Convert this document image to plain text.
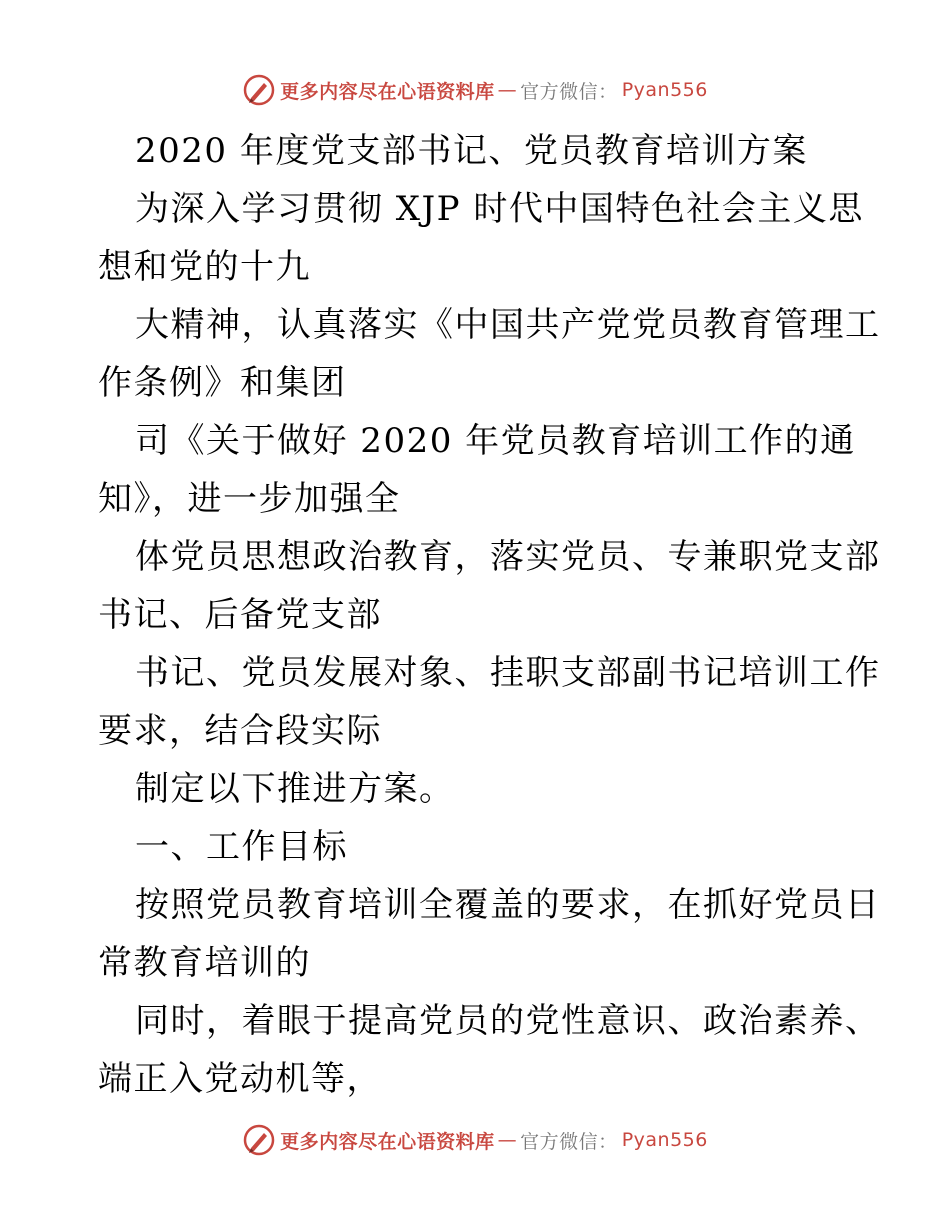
更多内容尽在心语资料库 — 官方微信： Pyan556
2020 年度党支部书记、党员教育培训方案
为深入学习贯彻 XJP 时代中国特色社会主义思
想和党的十九
大精神，认真落实《中国共产党党员教育管理工
作条例》和集团
司《关于做好 2020 年党员教育培训工作的通
知》，进一步加强全
体党员思想政治教育，落实党员、专兼职党支部
书记、后备党支部
书记、党员发展对象、挂职支部副书记培训工作
要求，结合段实际
制定以下推进方案。
一、工作目标
按照党员教育培训全覆盖的要求，在抓好党员日
常教育培训的
同时，着眼于提高党员的党性意识、政治素养、
端正入党动机等，
更多内容尽在心语资料库 — 官方微信： Pyan556
